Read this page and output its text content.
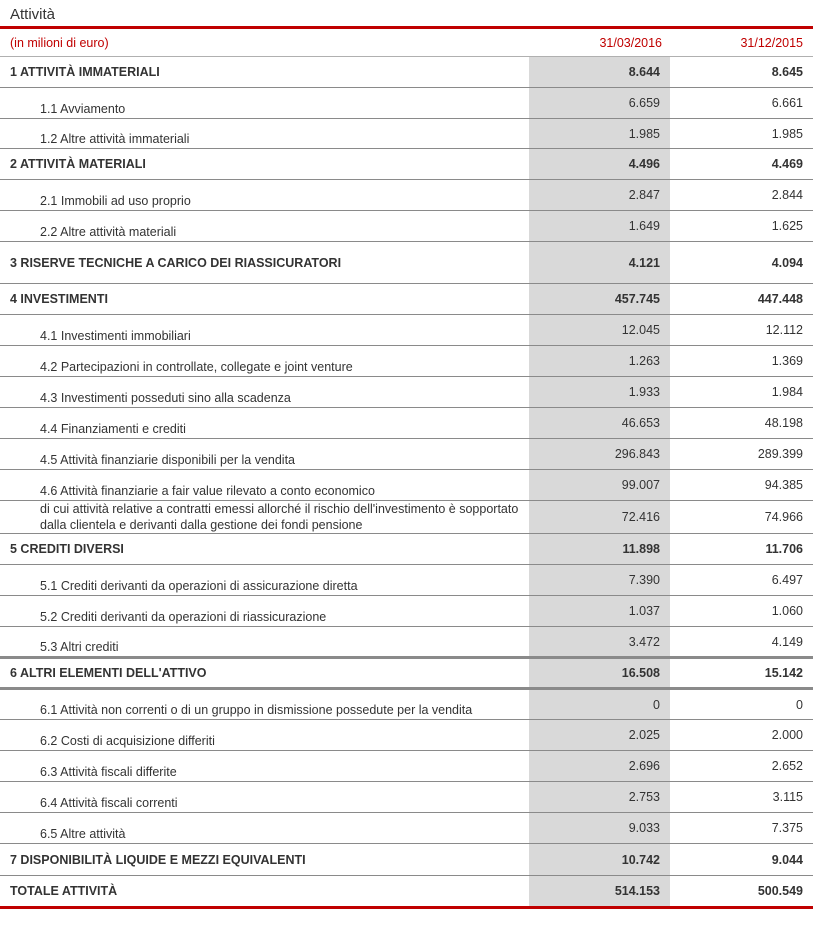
Attività
(in milioni di euro)	31/03/2016	31/12/2015
1 ATTIVITÀ IMMATERIALI	8.644	8.645
1.1 Avviamento	6.659	6.661
1.2 Altre attività immateriali	1.985	1.985
2 ATTIVITÀ MATERIALI	4.496	4.469
2.1 Immobili ad uso proprio	2.847	2.844
2.2 Altre attività materiali	1.649	1.625
3 RISERVE TECNICHE A CARICO DEI RIASSICURATORI	4.121	4.094
4 INVESTIMENTI	457.745	447.448
4.1 Investimenti immobiliari	12.045	12.112
4.2 Partecipazioni in controllate, collegate e joint venture	1.263	1.369
4.3 Investimenti posseduti sino alla scadenza	1.933	1.984
4.4 Finanziamenti e crediti	46.653	48.198
4.5 Attività finanziarie disponibili per la vendita	296.843	289.399
4.6 Attività finanziarie a fair value rilevato a conto economico	99.007	94.385
di cui attività relative a contratti emessi allorché il rischio dell'investimento è sopportato dalla clientela e derivanti dalla gestione dei fondi pensione	72.416	74.966
5 CREDITI DIVERSI	11.898	11.706
5.1 Crediti derivanti da operazioni di assicurazione diretta	7.390	6.497
5.2 Crediti derivanti da operazioni di riassicurazione	1.037	1.060
5.3 Altri crediti	3.472	4.149
6 ALTRI ELEMENTI DELL'ATTIVO	16.508	15.142
6.1 Attività non correnti o di un gruppo in dismissione possedute per la vendita	0	0
6.2 Costi di acquisizione differiti	2.025	2.000
6.3 Attività fiscali differite	2.696	2.652
6.4 Attività fiscali correnti	2.753	3.115
6.5 Altre attività	9.033	7.375
7 DISPONIBILITÀ LIQUIDE E MEZZI EQUIVALENTI	10.742	9.044
TOTALE ATTIVITÀ	514.153	500.549
